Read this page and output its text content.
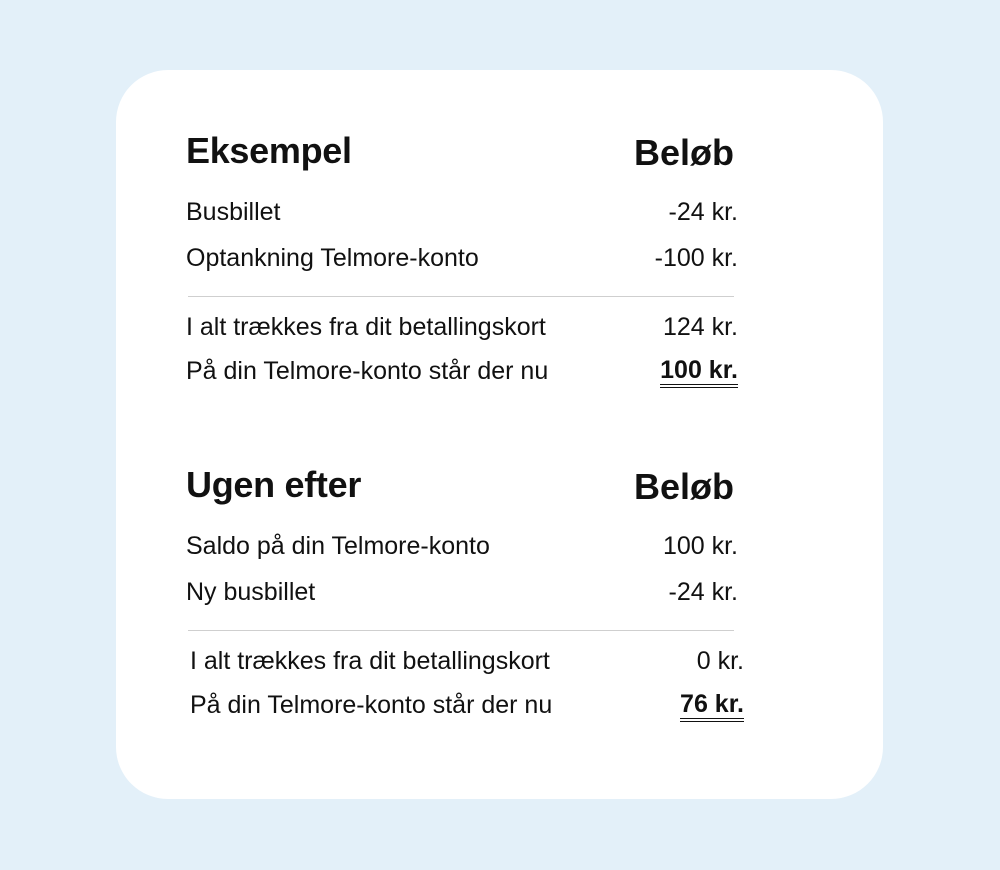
Eksempel	Beløb
Busbillet	-24 kr.
Optankning Telmore-konto	-100 kr.
I alt trækkes fra dit betallingskort	124 kr.
På din Telmore-konto står der nu	100 kr.
Ugen efter	Beløb
Saldo på din Telmore-konto	100 kr.
Ny busbillet	-24 kr.
I alt trækkes fra dit betallingskort	0 kr.
På din Telmore-konto står der nu	76 kr.
